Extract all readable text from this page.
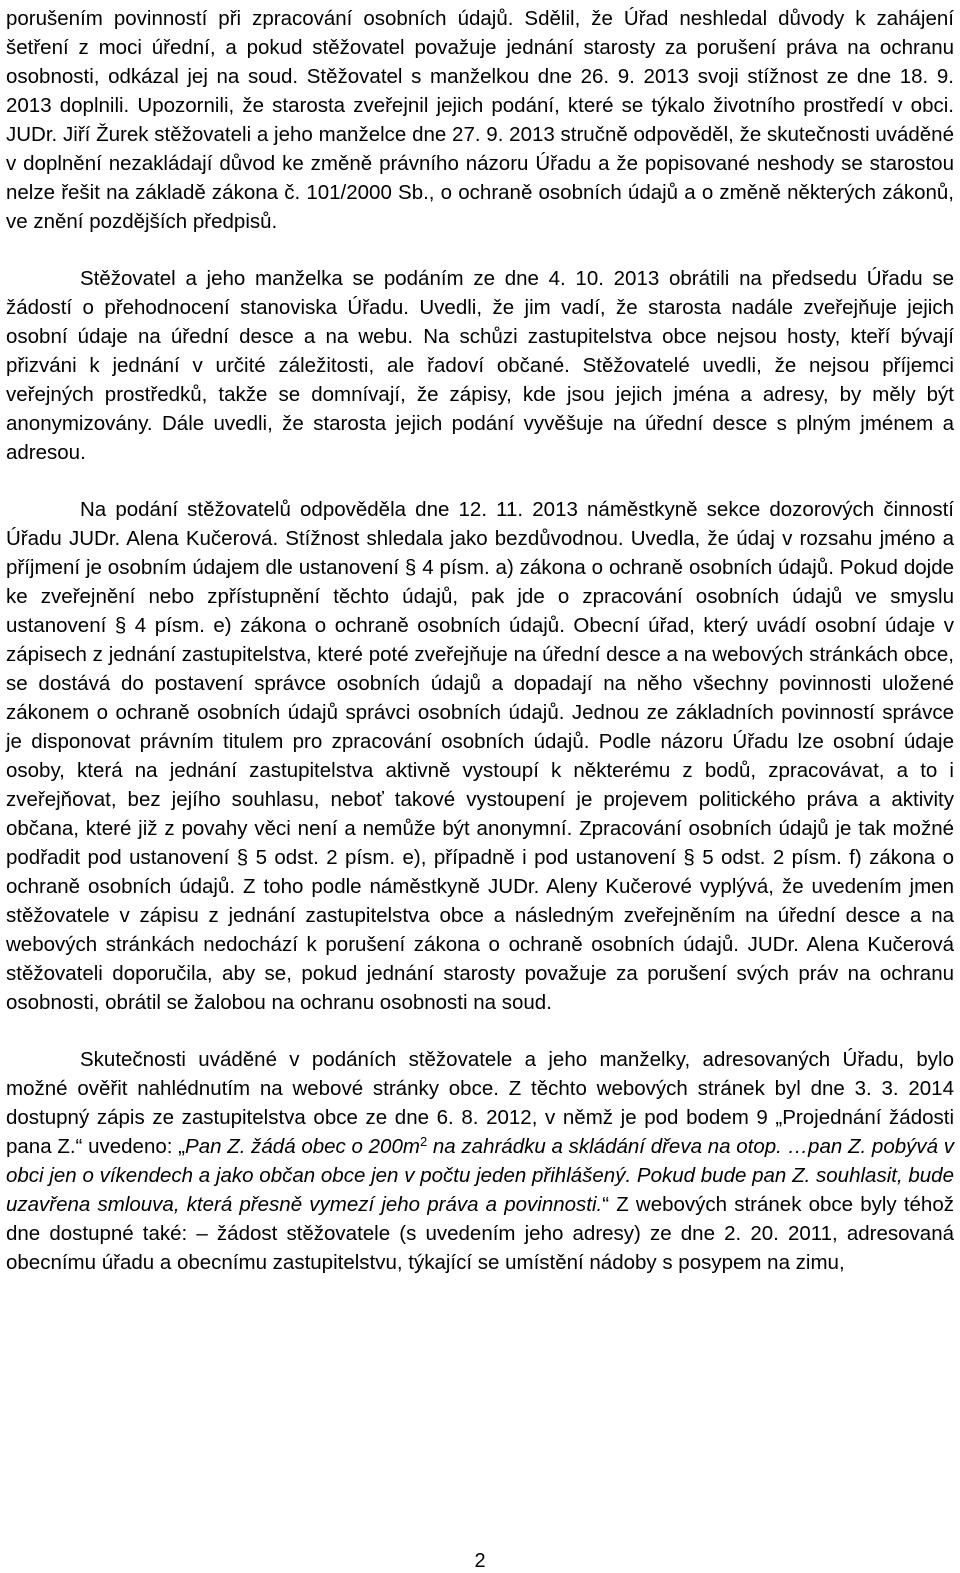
porušením povinností při zpracování osobních údajů. Sdělil, že Úřad neshledal důvody k zahájení šetření z moci úřední, a pokud stěžovatel považuje jednání starosty za porušení práva na ochranu osobnosti, odkázal jej na soud. Stěžovatel s manželkou dne 26. 9. 2013 svoji stížnost ze dne 18. 9. 2013 doplnili. Upozornili, že starosta zveřejnil jejich podání, které se týkalo životního prostředí v obci. JUDr. Jiří Žurek stěžovateli a jeho manželce dne 27. 9. 2013 stručně odpověděl, že skutečnosti uváděné v doplnění nezakládají důvod ke změně právního názoru Úřadu a že popisované neshody se starostou nelze řešit na základě zákona č. 101/2000 Sb., o ochraně osobních údajů a o změně některých zákonů, ve znění pozdějších předpisů.

Stěžovatel a jeho manželka se podáním ze dne 4. 10. 2013 obrátili na předsedu Úřadu se žádostí o přehodnocení stanoviska Úřadu. Uvedli, že jim vadí, že starosta nadále zveřejňuje jejich osobní údaje na úřední desce a na webu. Na schůzi zastupitelstva obce nejsou hosty, kteří bývají přizváni k jednání v určité záležitosti, ale řadoví občané. Stěžovatelé uvedli, že nejsou příjemci veřejných prostředků, takže se domnívají, že zápisy, kde jsou jejich jména a adresy, by měly být anonymizovány. Dále uvedli, že starosta jejich podání vyvěšuje na úřední desce s plným jménem a adresou.

Na podání stěžovatelů odpověděla dne 12. 11. 2013 náměstkyně sekce dozorových činností Úřadu JUDr. Alena Kučerová. Stížnost shledala jako bezdůvodnou. Uvedla, že údaj v rozsahu jméno a příjmení je osobním údajem dle ustanovení § 4 písm. a) zákona o ochraně osobních údajů. Pokud dojde ke zveřejnění nebo zpřístupnění těchto údajů, pak jde o zpracování osobních údajů ve smyslu ustanovení § 4 písm. e) zákona o ochraně osobních údajů. Obecní úřad, který uvádí osobní údaje v zápisech z jednání zastupitelstva, které poté zveřejňuje na úřední desce a na webových stránkách obce, se dostává do postavení správce osobních údajů a dopadají na něho všechny povinnosti uložené zákonem o ochraně osobních údajů správci osobních údajů. Jednou ze základních povinností správce je disponovat právním titulem pro zpracování osobních údajů. Podle názoru Úřadu lze osobní údaje osoby, která na jednání zastupitelstva aktivně vystoupí k některému z bodů, zpracovávat, a to i zveřejňovat, bez jejího souhlasu, neboť takové vystoupení je projevem politického práva a aktivity občana, které již z povahy věci není a nemůže být anonymní. Zpracování osobních údajů je tak možné podřadit pod ustanovení § 5 odst. 2 písm. e), případně i pod ustanovení § 5 odst. 2 písm. f) zákona o ochraně osobních údajů. Z toho podle náměstkyně JUDr. Aleny Kučerové vyplývá, že uvedením jmen stěžovatele v zápisu z jednání zastupitelstva obce a následným zveřejněním na úřední desce a na webových stránkách nedochází k porušení zákona o ochraně osobních údajů. JUDr. Alena Kučerová stěžovateli doporučila, aby se, pokud jednání starosty považuje za porušení svých práv na ochranu osobnosti, obrátil se žalobou na ochranu osobnosti na soud.

Skutečnosti uváděné v podáních stěžovatele a jeho manželky, adresovaných Úřadu, bylo možné ověřit nahlédnutím na webové stránky obce. Z těchto webových stránek byl dne 3. 3. 2014 dostupný zápis ze zastupitelstva obce ze dne 6. 8. 2012, v němž je pod bodem 9 „Projednání žádosti pana Z.“ uvedeno: „Pan Z. žádá obec o $200m^2$ na zahrádku a skládání dřeva na otop. …pan Z. pobývá v obci jen o víkendech a jako občan obce jen v počtu jeden přihlášený. Pokud bude pan Z. souhlasit, bude uzavřena smlouva, která přesně vymezí jeho práva a povinnosti.“ Z webových stránek obce byly téhož dne dostupné také: – žádost stěžovatele (s uvedením jeho adresy) ze dne 2. 20. 2011, adresovaná obecnímu úřadu a obecnímu zastupitelstvu, týkající se umístění nádoby s posypem na zimu,

2
